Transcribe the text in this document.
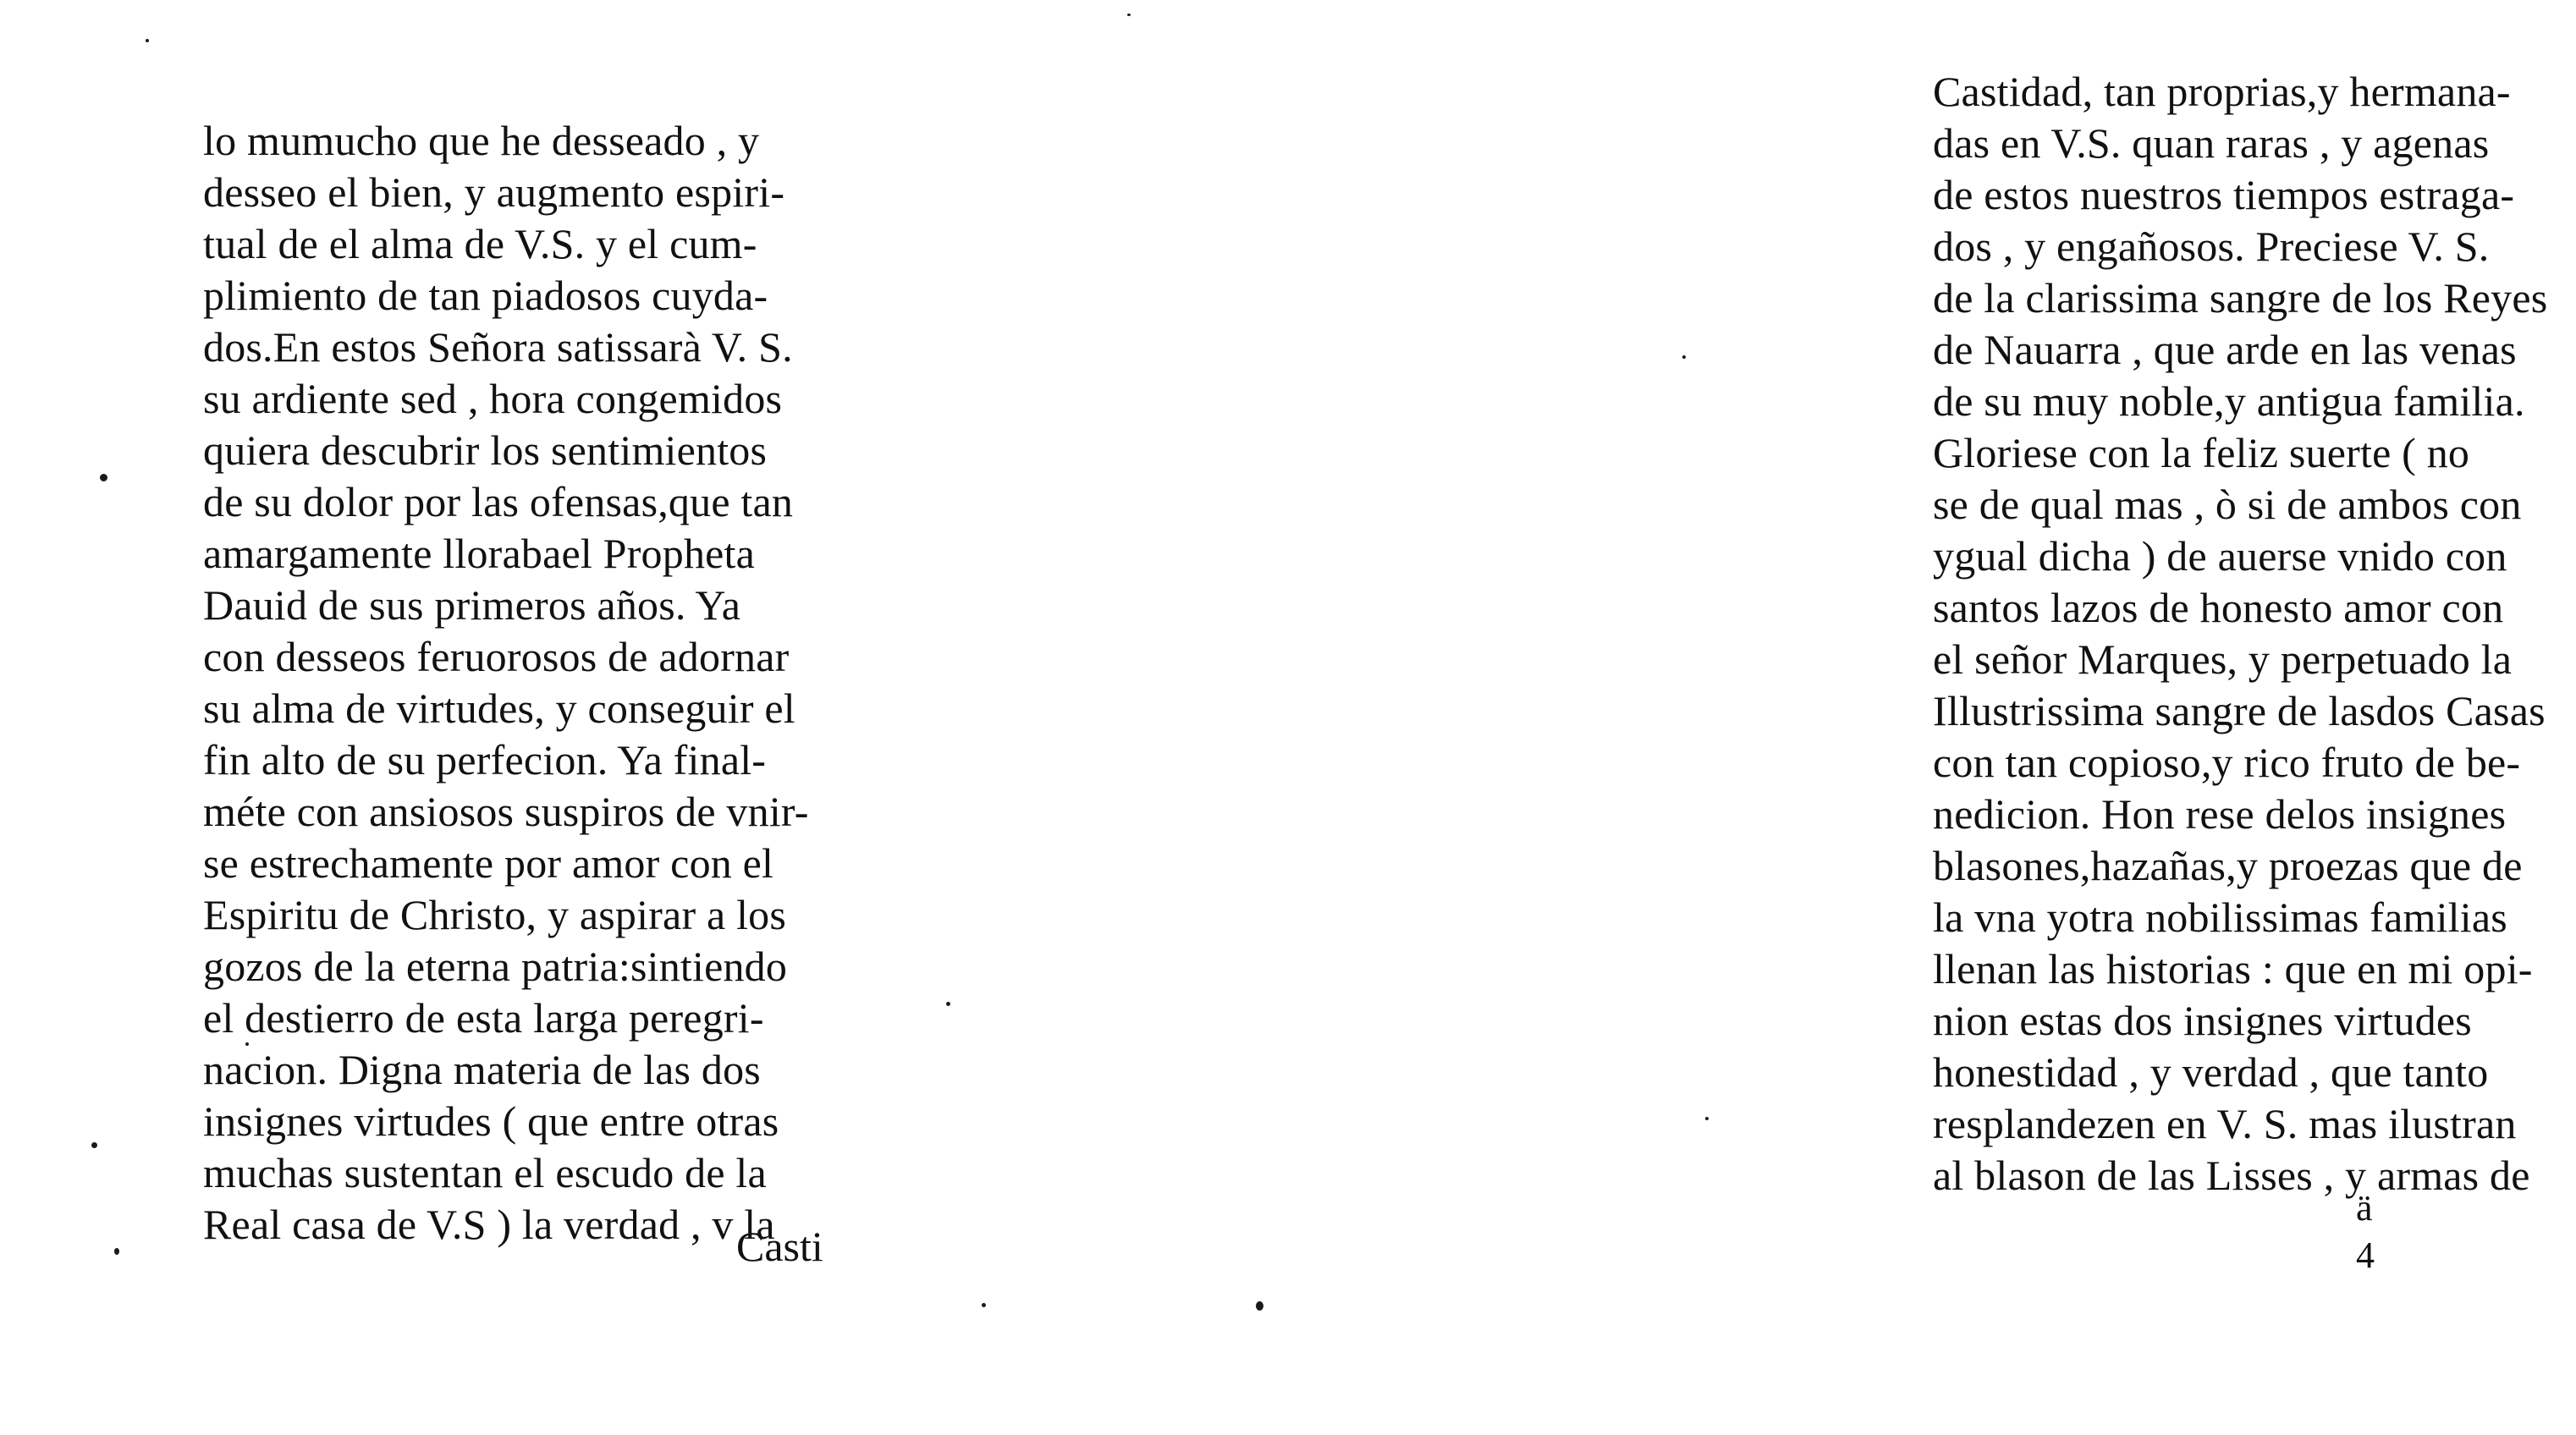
lo mumucho que he desseado , y
desseo el bien, y augmento espiri-
tual de el alma de V.S. y el cum-
plimiento de tan piadosos cuyda-
dos.En estos Señora satissarà V. S.
su ardiente sed , hora congemidos
quiera descubrir los sentimientos
de su dolor por las ofensas,que tan
amargamente llorabael Propheta
Dauid de sus primeros años. Ya
con desseos feruorosos de adornar
su alma de virtudes, y conseguir el
fin alto de su perfecion. Ya final-
méte con ansiosos suspiros de vnir-
se estrechamente por amor con el
Espiritu de Christo, y aspirar a los
gozos de la eterna patria:sintiendo
el destierro de esta larga peregri-
nacion. Digna materia de las dos
insignes virtudes ( que entre otras
muchas sustentan el escudo de la
Real casa de V.S ) la verdad , v la
Casti
Castidad, tan proprias,y hermana-
das en V.S. quan raras , y agenas
de estos nuestros tiempos estraga-
dos , y engañosos. Preciese V. S.
de la clarissima sangre de los Reyes
de Nauarra , que arde en las venas
de su muy noble,y antigua familia.
Gloriese con la feliz suerte ( no
se de qual mas , ò si de ambos con
ygual dicha ) de auerse vnido con
santos lazos de honesto amor con
el señor Marques, y perpetuado la
Illustrissima sangre de lasdos Casas
con tan copioso,y rico fruto de be-
nedicion. Hon rese delos insignes
blasones,hazañas,y proezas que de
la vna yotra nobilissimas familias
llenan las historias : que en mi opi-
nion estas dos insignes virtudes
honestidad , y verdad , que tanto
resplandezen en V. S. mas ilustran
al blason de las Lisses , y armas de
ä 4
